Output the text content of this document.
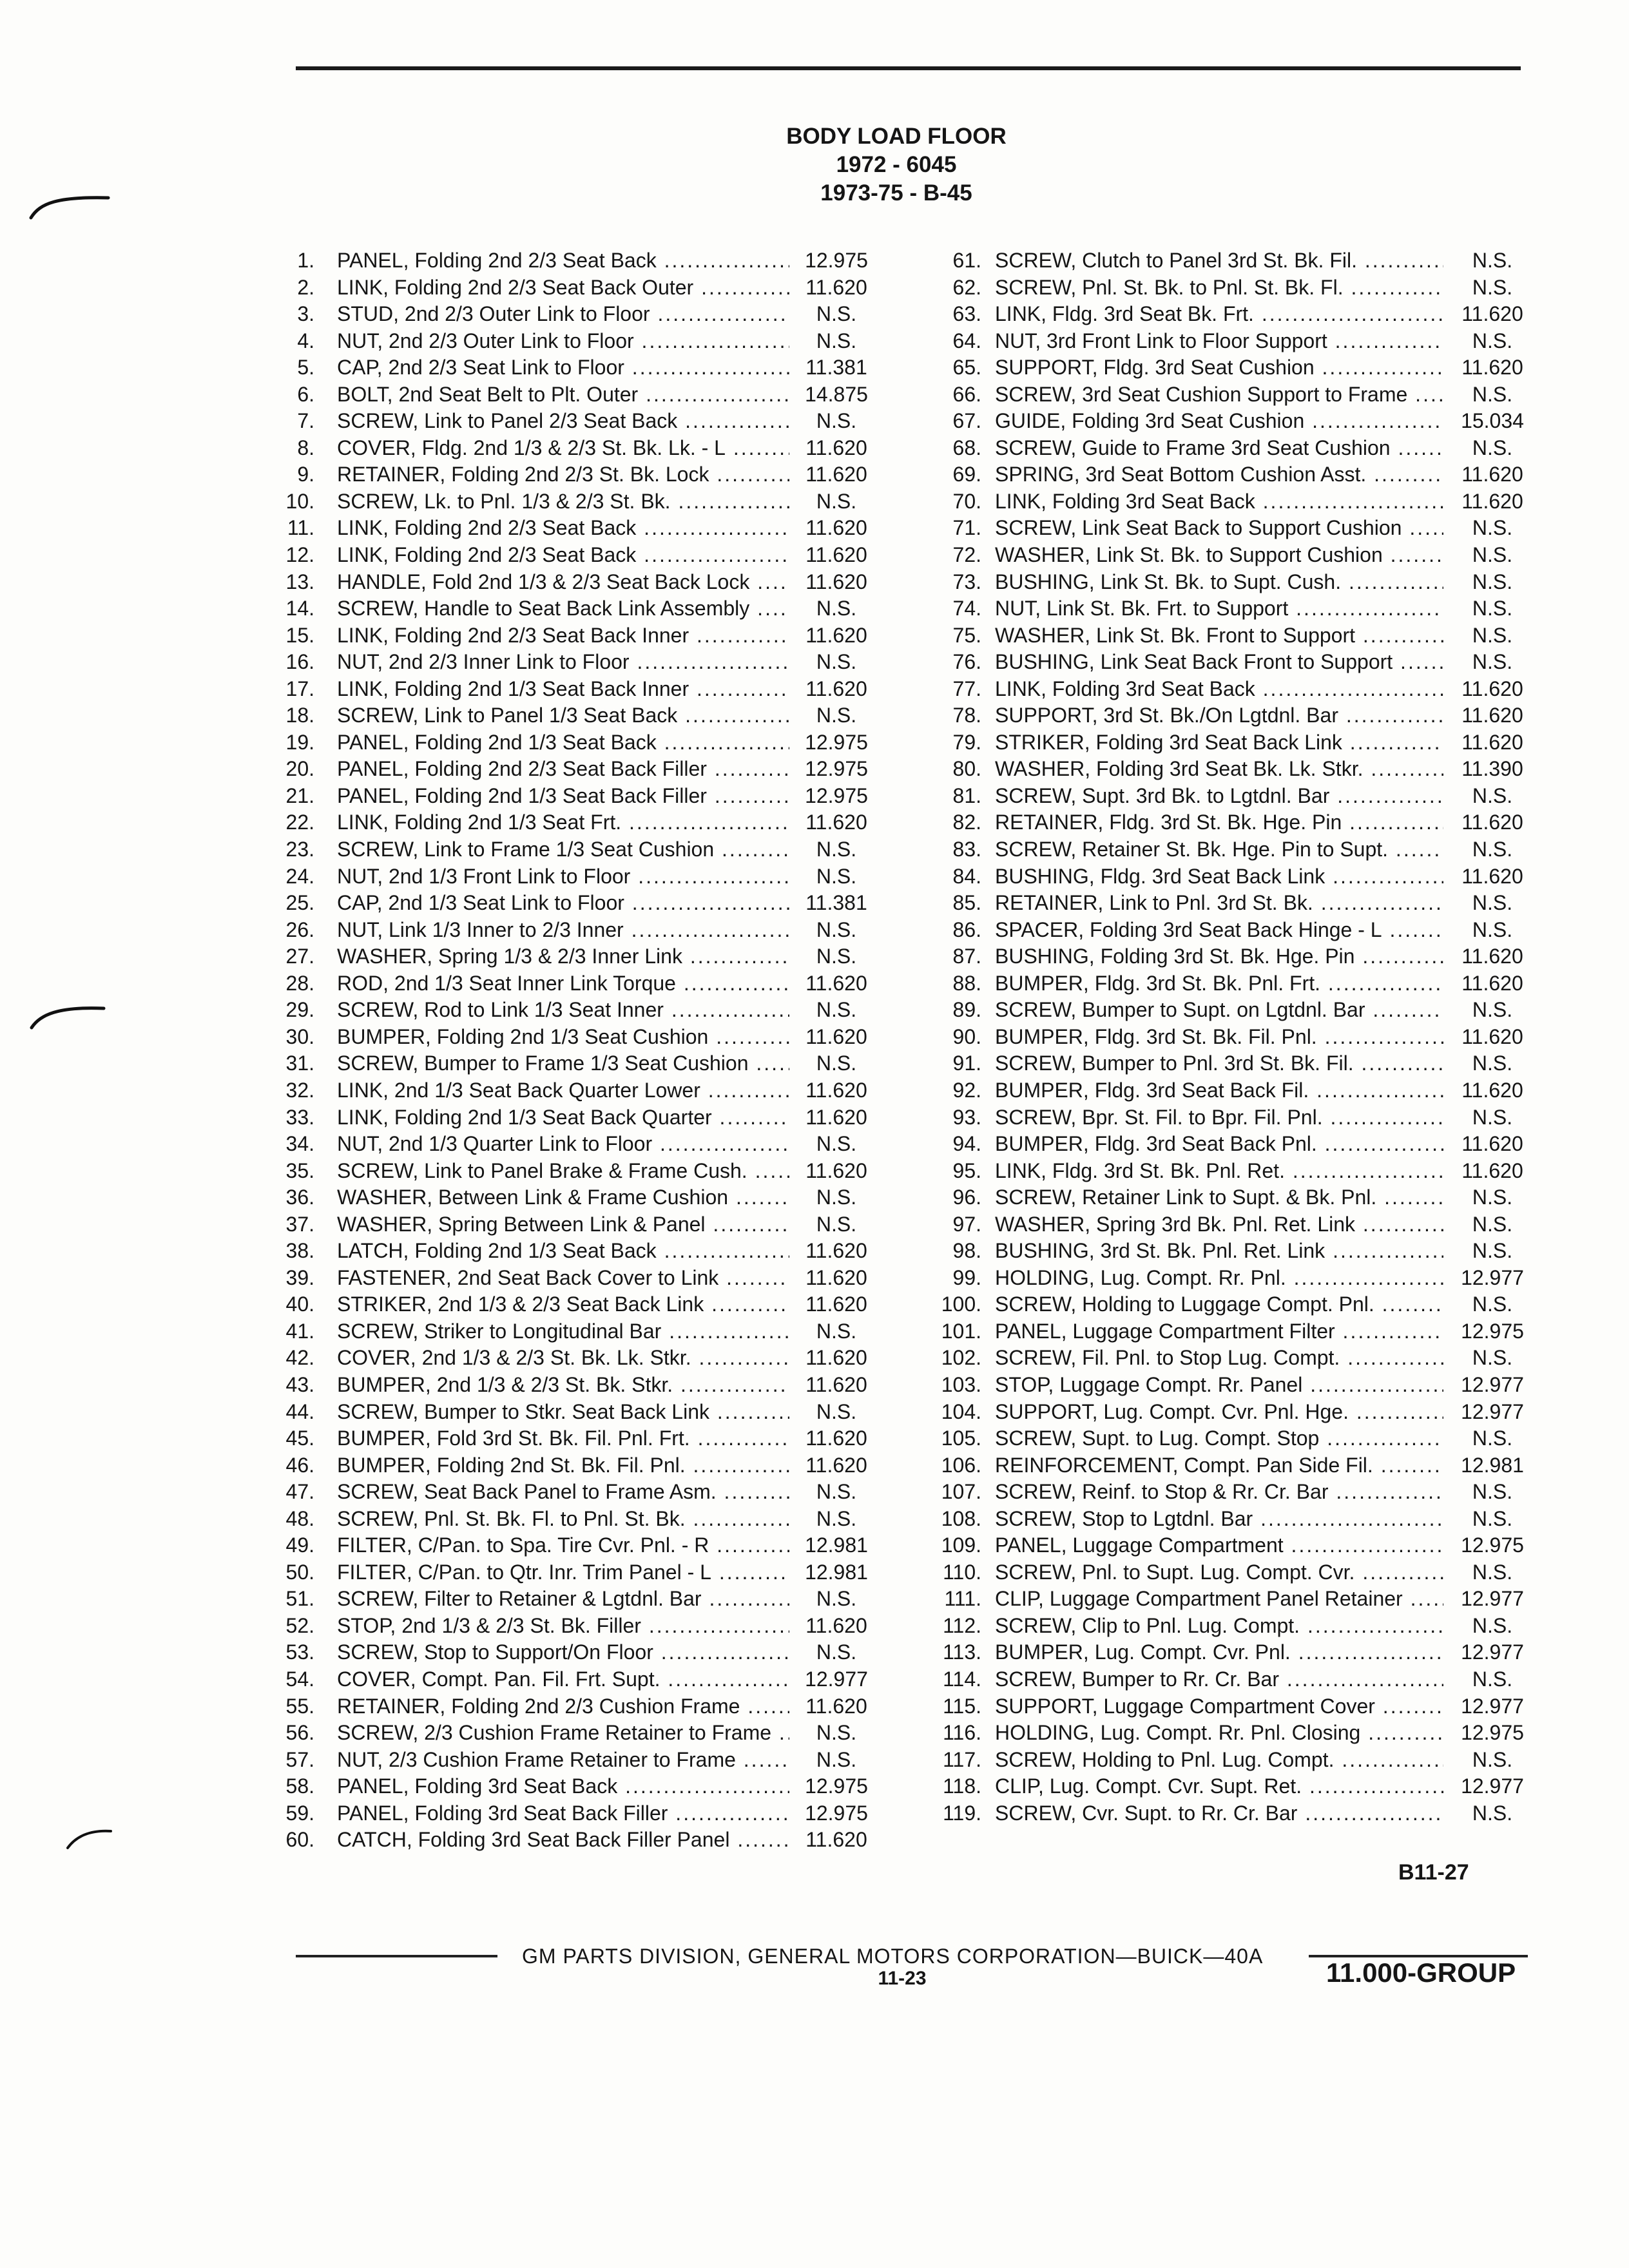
BODY LOAD FLOOR
1972 - 6045
1973-75 - B-45
1. PANEL, Folding 2nd 2/3 Seat Back .....	12.975
2. LINK, Folding 2nd 2/3 Seat Back Outer .....	11.620
3. STUD, 2nd 2/3 Outer Link to Floor .....	N.S.
4. NUT, 2nd 2/3 Outer Link to Floor .....	N.S.
5. CAP, 2nd 2/3 Seat Link to Floor .....	11.381
6. BOLT, 2nd Seat Belt to Plt. Outer .....	14.875
7. SCREW, Link to Panel 2/3 Seat Back .....	N.S.
8. COVER, Fldg. 2nd 1/3 & 2/3 St. Bk. Lk. - L .....	11.620
9. RETAINER, Folding 2nd 2/3 St. Bk. Lock .....	11.620
10. SCREW, Lk. to Pnl. 1/3 & 2/3 St. Bk. .....	N.S.
11. LINK, Folding 2nd 2/3 Seat Back .....	11.620
12. LINK, Folding 2nd 2/3 Seat Back .....	11.620
13. HANDLE, Fold 2nd 1/3 & 2/3 Seat Back Lock .....	11.620
14. SCREW, Handle to Seat Back Link Assembly .....	N.S.
15. LINK, Folding 2nd 2/3 Seat Back Inner .....	11.620
16. NUT, 2nd 2/3 Inner Link to Floor .....	N.S.
17. LINK, Folding 2nd 1/3 Seat Back Inner .....	11.620
18. SCREW, Link to Panel 1/3 Seat Back .....	N.S.
19. PANEL, Folding 2nd 1/3 Seat Back .....	12.975
20. PANEL, Folding 2nd 2/3 Seat Back Filler .....	12.975
21. PANEL, Folding 2nd 1/3 Seat Back Filler .....	12.975
22. LINK, Folding 2nd 1/3 Seat Frt. .....	11.620
23. SCREW, Link to Frame 1/3 Seat Cushion .....	N.S.
24. NUT, 2nd 1/3 Front Link to Floor .....	N.S.
25. CAP, 2nd 1/3 Seat Link to Floor .....	11.381
26. NUT, Link 1/3 Inner to 2/3 Inner .....	N.S.
27. WASHER, Spring 1/3 & 2/3 Inner Link .....	N.S.
28. ROD, 2nd 1/3 Seat Inner Link Torque .....	11.620
29. SCREW, Rod to Link 1/3 Seat Inner .....	N.S.
30. BUMPER, Folding 2nd 1/3 Seat Cushion .....	11.620
31. SCREW, Bumper to Frame 1/3 Seat Cushion .....	N.S.
32. LINK, 2nd 1/3 Seat Back Quarter Lower .....	11.620
33. LINK, Folding 2nd 1/3 Seat Back Quarter .....	11.620
34. NUT, 2nd 1/3 Quarter Link to Floor .....	N.S.
35. SCREW, Link to Panel Brake & Frame Cush. .....	11.620
36. WASHER, Between Link & Frame Cushion .....	N.S.
37. WASHER, Spring Between Link & Panel .....	N.S.
38. LATCH, Folding 2nd 1/3 Seat Back .....	11.620
39. FASTENER, 2nd Seat Back Cover to Link .....	11.620
40. STRIKER, 2nd 1/3 & 2/3 Seat Back Link .....	11.620
41. SCREW, Striker to Longitudinal Bar .....	N.S.
42. COVER, 2nd 1/3 & 2/3 St. Bk. Lk. Stkr. .....	11.620
43. BUMPER, 2nd 1/3 & 2/3 St. Bk. Stkr. .....	11.620
44. SCREW, Bumper to Stkr. Seat Back Link .....	N.S.
45. BUMPER, Fold 3rd St. Bk. Fil. Pnl. Frt. .....	11.620
46. BUMPER, Folding 2nd St. Bk. Fil. Pnl. .....	11.620
47. SCREW, Seat Back Panel to Frame Asm. .....	N.S.
48. SCREW, Pnl. St. Bk. Fl. to Pnl. St. Bk. .....	N.S.
49. FILTER, C/Pan. to Spa. Tire Cvr. Pnl. - R .....	12.981
50. FILTER, C/Pan. to Qtr. Inr. Trim Panel - L .....	12.981
51. SCREW, Filter to Retainer & Lgtdnl. Bar .....	N.S.
52. STOP, 2nd 1/3 & 2/3 St. Bk. Filler .....	11.620
53. SCREW, Stop to Support/On Floor .....	N.S.
54. COVER, Compt. Pan. Fil. Frt. Supt. .....	12.977
55. RETAINER, Folding 2nd 2/3 Cushion Frame .....	11.620
56. SCREW, 2/3 Cushion Frame Retainer to Frame .....	N.S.
57. NUT, 2/3 Cushion Frame Retainer to Frame .....	N.S.
58. PANEL, Folding 3rd Seat Back .....	12.975
59. PANEL, Folding 3rd Seat Back Filler .....	12.975
60. CATCH, Folding 3rd Seat Back Filler Panel .....	11.620
61. SCREW, Clutch to Panel 3rd St. Bk. Fil. .....	N.S.
62. SCREW, Pnl. St. Bk. to Pnl. St. Bk. Fl. .....	N.S.
63. LINK, Fldg. 3rd Seat Bk. Frt. .....	11.620
64. NUT, 3rd Front Link to Floor Support .....	N.S.
65. SUPPORT, Fldg. 3rd Seat Cushion .....	11.620
66. SCREW, 3rd Seat Cushion Support to Frame .....	N.S.
67. GUIDE, Folding 3rd Seat Cushion .....	15.034
68. SCREW, Guide to Frame 3rd Seat Cushion .....	N.S.
69. SPRING, 3rd Seat Bottom Cushion Asst. .....	11.620
70. LINK, Folding 3rd Seat Back .....	11.620
71. SCREW, Link Seat Back to Support Cushion .....	N.S.
72. WASHER, Link St. Bk. to Support Cushion .....	N.S.
73. BUSHING, Link St. Bk. to Supt. Cush. .....	N.S.
74. NUT, Link St. Bk. Frt. to Support .....	N.S.
75. WASHER, Link St. Bk. Front to Support .....	N.S.
76. BUSHING, Link Seat Back Front to Support .....	N.S.
77. LINK, Folding 3rd Seat Back .....	11.620
78. SUPPORT, 3rd St. Bk./On Lgtdnl. Bar .....	11.620
79. STRIKER, Folding 3rd Seat Back Link .....	11.620
80. WASHER, Folding 3rd Seat Bk. Lk. Stkr. .....	11.390
81. SCREW, Supt. 3rd Bk. to Lgtdnl. Bar .....	N.S.
82. RETAINER, Fldg. 3rd St. Bk. Hge. Pin .....	11.620
83. SCREW, Retainer St. Bk. Hge. Pin to Supt. .....	N.S.
84. BUSHING, Fldg. 3rd Seat Back Link .....	11.620
85. RETAINER, Link to Pnl. 3rd St. Bk. .....	N.S.
86. SPACER, Folding 3rd Seat Back Hinge - L .....	N.S.
87. BUSHING, Folding 3rd St. Bk. Hge. Pin .....	11.620
88. BUMPER, Fldg. 3rd St. Bk. Pnl. Frt. .....	11.620
89. SCREW, Bumper to Supt. on Lgtdnl. Bar .....	N.S.
90. BUMPER, Fldg. 3rd St. Bk. Fil. Pnl. .....	11.620
91. SCREW, Bumper to Pnl. 3rd St. Bk. Fil. .....	N.S.
92. BUMPER, Fldg. 3rd Seat Back Fil. .....	11.620
93. SCREW, Bpr. St. Fil. to Bpr. Fil. Pnl. .....	N.S.
94. BUMPER, Fldg. 3rd Seat Back Pnl. .....	11.620
95. LINK, Fldg. 3rd St. Bk. Pnl. Ret. .....	11.620
96. SCREW, Retainer Link to Supt. & Bk. Pnl. .....	N.S.
97. WASHER, Spring 3rd Bk. Pnl. Ret. Link .....	N.S.
98. BUSHING, 3rd St. Bk. Pnl. Ret. Link .....	N.S.
99. HOLDING, Lug. Compt. Rr. Pnl. .....	12.977
100. SCREW, Holding to Luggage Compt. Pnl. .....	N.S.
101. PANEL, Luggage Compartment Filter .....	12.975
102. SCREW, Fil. Pnl. to Stop Lug. Compt. .....	N.S.
103. STOP, Luggage Compt. Rr. Panel .....	12.977
104. SUPPORT, Lug. Compt. Cvr. Pnl. Hge. .....	12.977
105. SCREW, Supt. to Lug. Compt. Stop .....	N.S.
106. REINFORCEMENT, Compt. Pan Side Fil. .....	12.981
107. SCREW, Reinf. to Stop & Rr. Cr. Bar .....	N.S.
108. SCREW, Stop to Lgtdnl. Bar .....	N.S.
109. PANEL, Luggage Compartment .....	12.975
110. SCREW, Pnl. to Supt. Lug. Compt. Cvr. .....	N.S.
111. CLIP, Luggage Compartment Panel Retainer .....	12.977
112. SCREW, Clip to Pnl. Lug. Compt. .....	N.S.
113. BUMPER, Lug. Compt. Cvr. Pnl. .....	12.977
114. SCREW, Bumper to Rr. Cr. Bar .....	N.S.
115. SUPPORT, Luggage Compartment Cover .....	12.977
116. HOLDING, Lug. Compt. Rr. Pnl. Closing .....	12.975
117. SCREW, Holding to Pnl. Lug. Compt. .....	N.S.
118. CLIP, Lug. Compt. Cvr. Supt. Ret. .....	12.977
119. SCREW, Cvr. Supt. to Rr. Cr. Bar .....	N.S.
B11-27
GM PARTS DIVISION, GENERAL MOTORS CORPORATION—BUICK—40A
11-23	11.000-GROUP
